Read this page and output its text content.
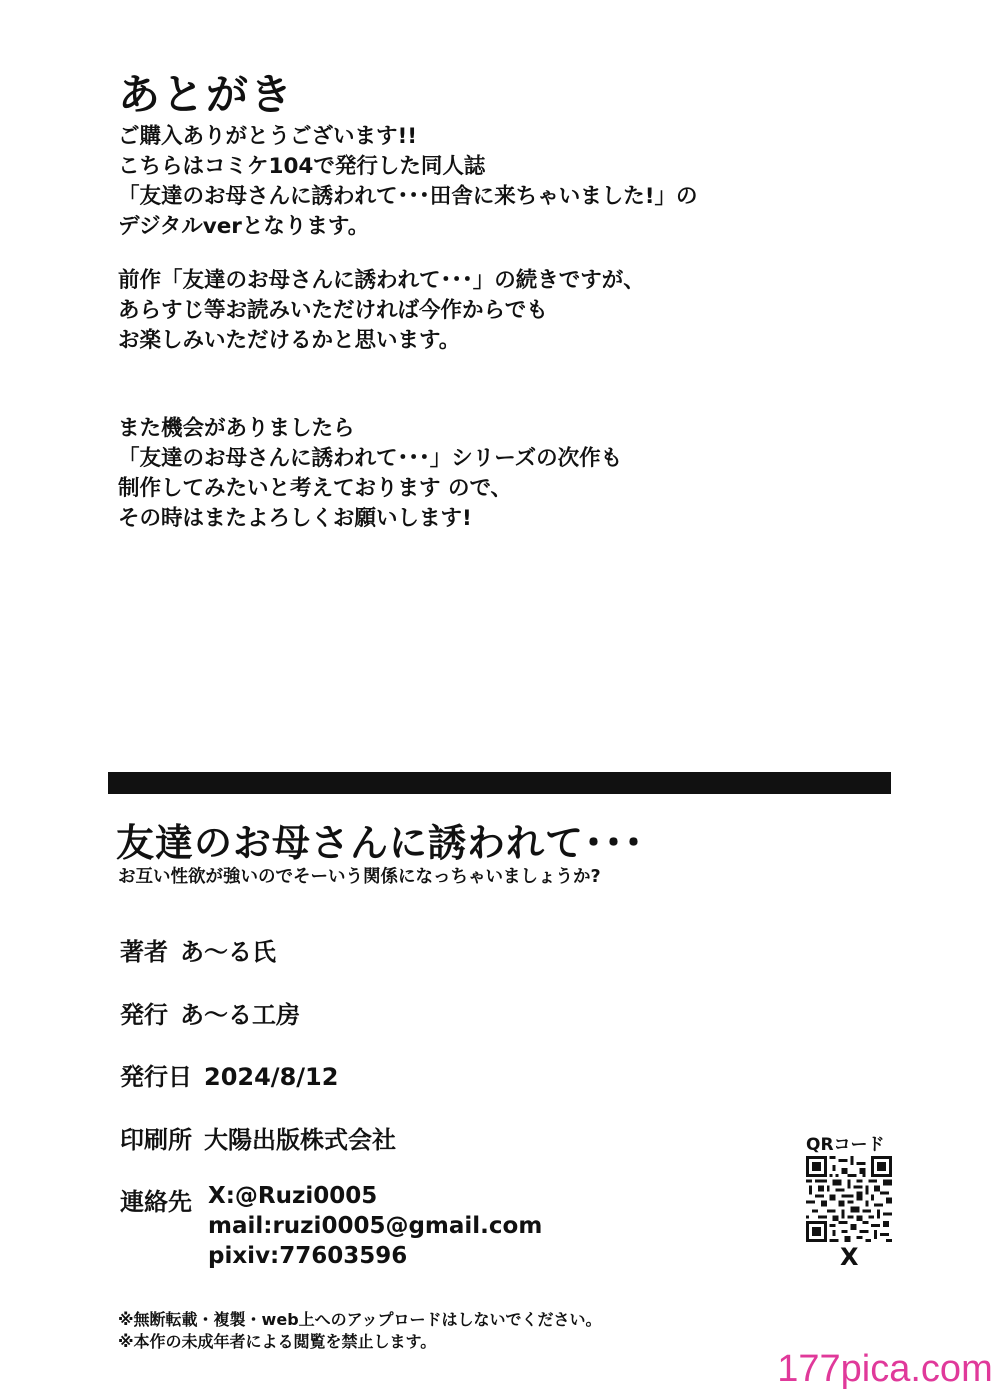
あとがき
ご購入ありがとうございます!!
こちらはコミケ104で発行した同人誌
「友達のお母さんに誘われて･･･田舎に来ちゃいました!」の
デジタルverとなります。
前作「友達のお母さんに誘われて･･･」の続きですが、
あらすじ等お読みいただければ今作からでも
お楽しみいただけるかと思います。
また機会がありましたら
「友達のお母さんに誘われて･･･」シリーズの次作も
制作してみたいと考えております ので、
その時はまたよろしくお願いします!
友達のお母さんに誘われて･･･
お互い性欲が強いのでそーいう関係になっちゃいましょうか?
著者 あ～る氏
発行 あ～る工房
発行日 2024/8/12
印刷所 大陽出版株式会社
連絡先 X:@Ruzi0005
mail:ruzi0005@gmail.com
pixiv:77603596
QRコード
X
※無断転載・複製・web上へのアップロードはしないでください。
※本作の未成年者による閲覧を禁止します。
177pica.com
